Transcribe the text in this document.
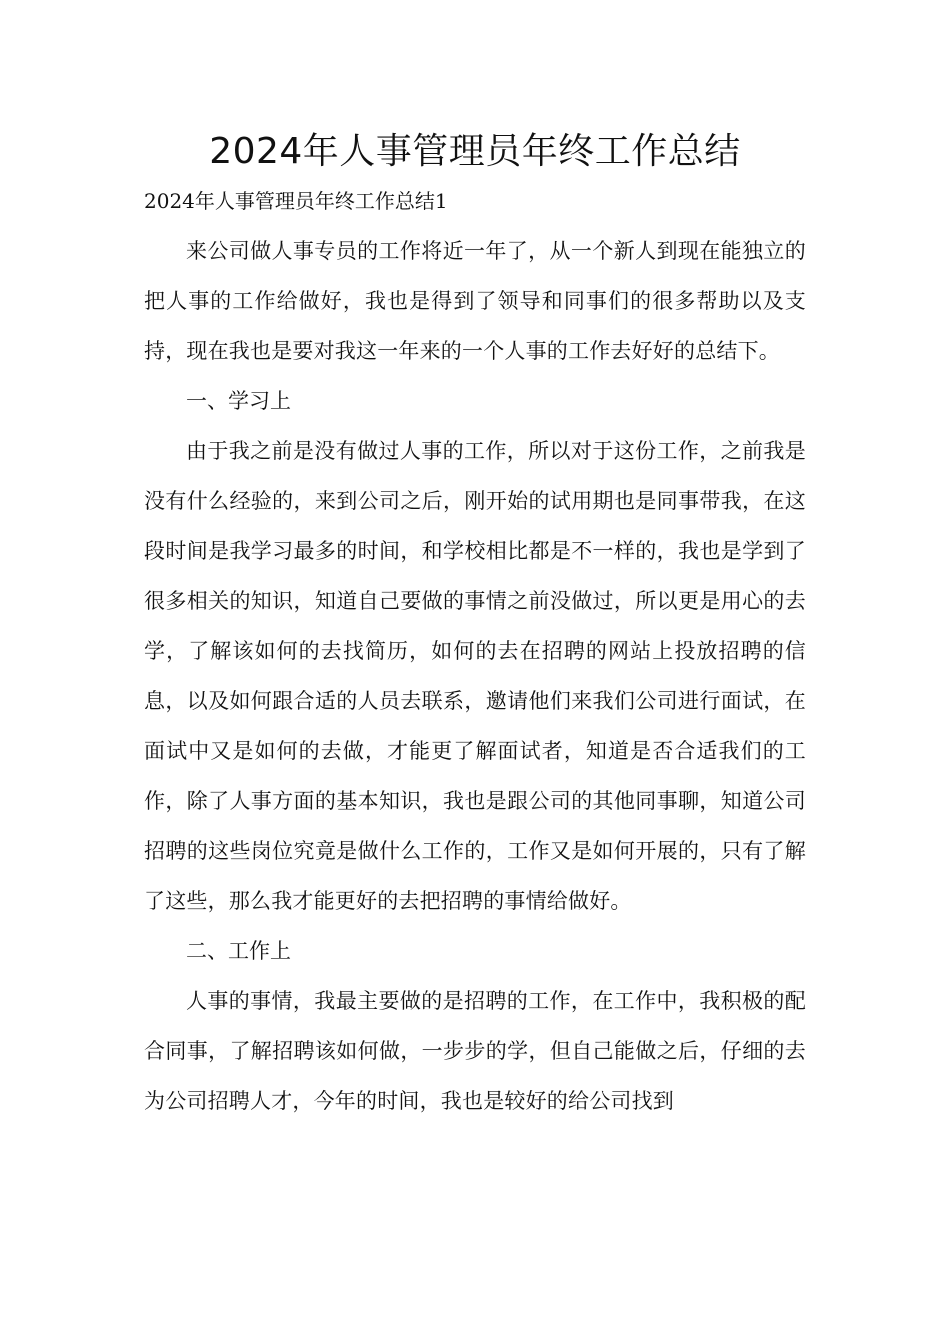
2024年人事管理员年终工作总结

2024年人事管理员年终工作总结1

来公司做人事专员的工作将近一年了，从一个新人到现在能独立的把人事的工作给做好，我也是得到了领导和同事们的很多帮助以及支持，现在我也是要对我这一年来的一个人事的工作去好好的总结下。

一、学习上

由于我之前是没有做过人事的工作，所以对于这份工作，之前我是没有什么经验的，来到公司之后，刚开始的试用期也是同事带我，在这段时间是我学习最多的时间，和学校相比都是不一样的，我也是学到了很多相关的知识，知道自己要做的事情之前没做过，所以更是用心的去学，了解该如何的去找简历，如何的去在招聘的网站上投放招聘的信息，以及如何跟合适的人员去联系，邀请他们来我们公司进行面试，在面试中又是如何的去做，才能更了解面试者，知道是否合适我们的工作，除了人事方面的基本知识，我也是跟公司的其他同事聊，知道公司招聘的这些岗位究竟是做什么工作的，工作又是如何开展的，只有了解了这些，那么我才能更好的去把招聘的事情给做好。

二、工作上

人事的事情，我最主要做的是招聘的工作，在工作中，我积极的配合同事，了解招聘该如何做，一步步的学，但自己能做之后，仔细的去为公司招聘人才，今年的时间，我也是较好的给公司找到
